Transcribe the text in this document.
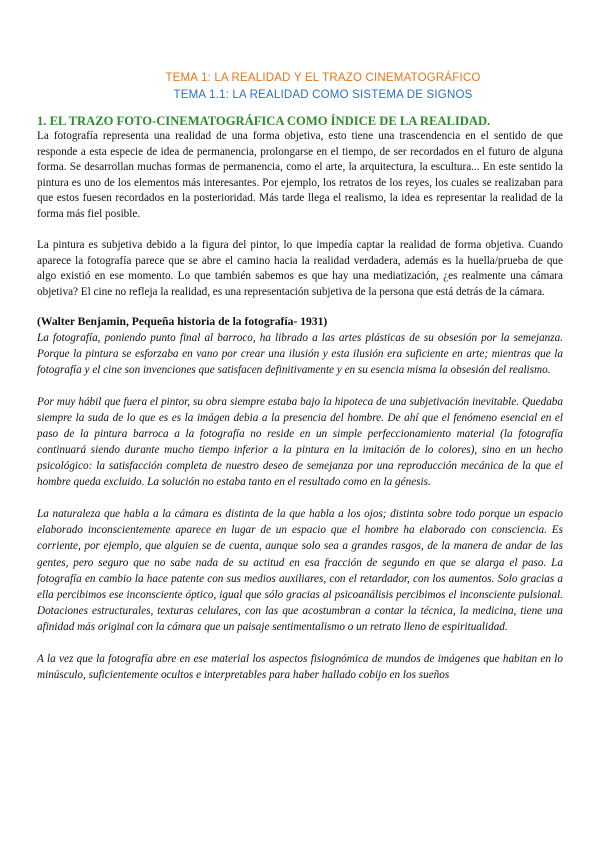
TEMA 1: LA REALIDAD Y EL TRAZO CINEMATOGRÁFICO
TEMA 1.1: LA REALIDAD COMO SISTEMA DE SIGNOS

1. EL TRAZO FOTO-CINEMATOGRÁFICA COMO ÍNDICE DE LA REALIDAD.

La fotografía representa una realidad de una forma objetiva, esto tiene una trascendencia en el sentido de que responde a esta especie de idea de permanencia, prolongarse en el tiempo, de ser recordados en el futuro de alguna forma. Se desarrollan muchas formas de permanencia, como el arte, la arquitectura, la escultura... En este sentido la pintura es uno de los elementos más interesantes. Por ejemplo, los retratos de los reyes, los cuales se realizaban para que estos fuesen recordados en la posterioridad. Más tarde llega el realismo, la idea es representar la realidad de la forma más fiel posible.

La pintura es subjetiva debido a la figura del pintor, lo que impedía captar la realidad de forma objetiva. Cuando aparece la fotografía parece que se abre el camino hacia la realidad verdadera, además es la huella/prueba de que algo existió en ese momento. Lo que también sabemos es que hay una mediatización, ¿es realmente una cámara objetiva? El cine no refleja la realidad, es una representación subjetiva de la persona que está detrás de la cámara.

(Walter Benjamin, Pequeña historia de la fotografía- 1931)

La fotografía, poniendo punto final al barroco, ha librado a las artes plásticas de su obsesión por la semejanza. Porque la pintura se esforzaba en vano por crear una ilusión y esta ilusión era suficiente en arte; mientras que la fotografía y el cine son invenciones que satisfacen definitivamente y en su esencia misma la obsesión del realismo.

Por muy hábil que fuera el pintor, su obra siempre estaba bajo la hipoteca de una subjetivación inevitable. Quedaba siempre la suda de lo que es es la imágen debia a la presencia del hombre. De ahí que el fenómeno esencial en el paso de la pintura barroca a la fotografía no reside en un simple perfeccionamiento material (la fotografía continuará siendo durante mucho tiempo inferior a la pintura en la imitación de lo colores), sino en un hecho psicológico: la satisfacción completa de nuestro deseo de semejanza por una reproducción mecánica de la que el hombre queda excluido. La solución no estaba tanto en el resultado como en la génesis.

La naturaleza que habla a la cámara es distinta de la que habla a los ojos; distinta sobre todo porque un espacio elaborado inconscientemente aparece en lugar de un espacio que el hombre ha elaborado con consciencia. Es corriente, por ejemplo, que alguien se de cuenta, aunque solo sea a grandes rasgos, de la manera de andar de las gentes, pero seguro que no sabe nada de su actitud en esa fracción de segundo en que se alarga el paso. La fotografía en cambio la hace patente con sus medios auxiliares, con el retardador, con los aumentos. Solo gracias a ella percibimos ese inconsciente óptico, igual que sólo gracias al psicoanálisis percibimos el inconsciente pulsional. Dotaciones estructurales, texturas celulares, con las que acostumbran a contar la técnica, la medicina, tiene una afinidad más original con la cámara que un paisaje sentimentalismo o un retrato lleno de espiritualidad.

A la vez que la fotografía abre en ese material los aspectos fisiognómica de mundos de imágenes que habitan en lo minúsculo, suficientemente ocultos e interpretables para haber hallado cobijo en los sueños
